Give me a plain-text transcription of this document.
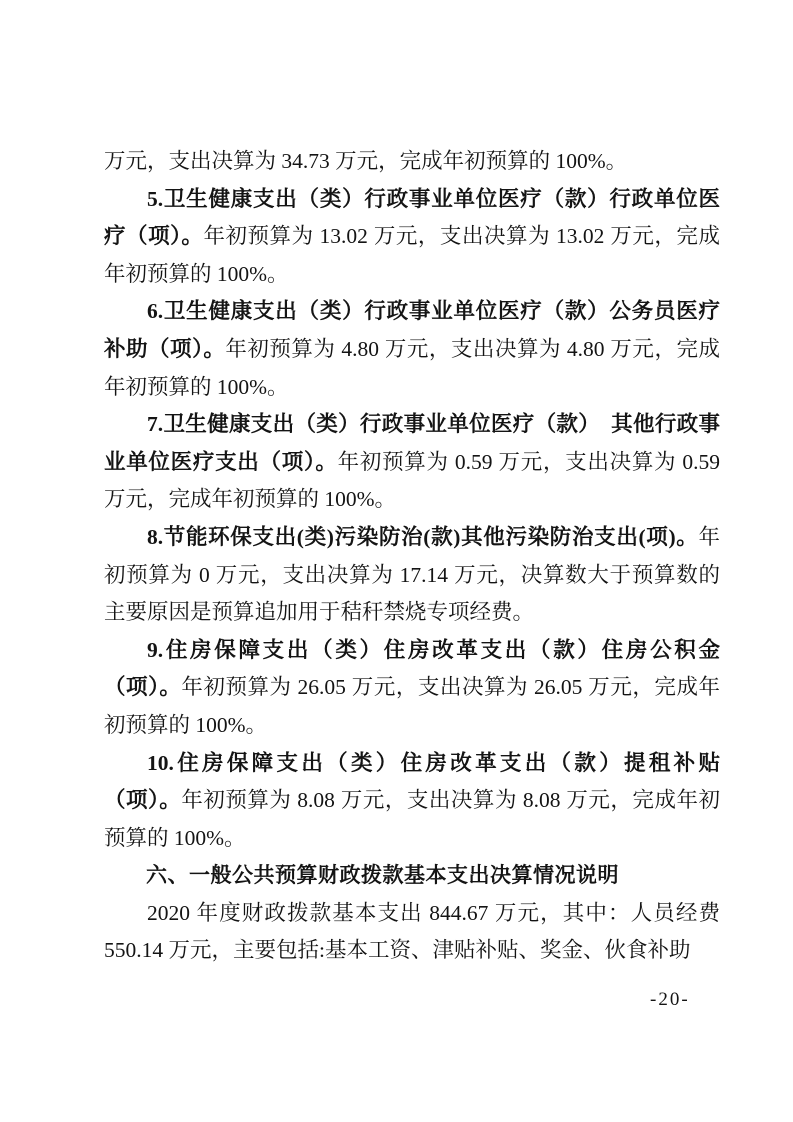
万元，支出决算为 34.73 万元，完成年初预算的 100%。

5.卫生健康支出（类）行政事业单位医疗（款）行政单位医疗（项）。年初预算为 13.02 万元，支出决算为 13.02 万元，完成年初预算的 100%。

6.卫生健康支出（类）行政事业单位医疗（款）公务员医疗补助（项）。年初预算为 4.80 万元，支出决算为 4.80 万元，完成年初预算的 100%。

7.卫生健康支出（类）行政事业单位医疗（款）　其他行政事业单位医疗支出（项）。年初预算为 0.59 万元，支出决算为 0.59 万元，完成年初预算的 100%。

8.节能环保支出(类)污染防治(款)其他污染防治支出(项)。年初预算为 0 万元，支出决算为 17.14 万元，决算数大于预算数的主要原因是预算追加用于秸秆禁烧专项经费。

9.住房保障支出（类）住房改革支出（款）住房公积金（项）。年初预算为 26.05 万元，支出决算为 26.05 万元，完成年初预算的 100%。

10.住房保障支出（类）住房改革支出（款）提租补贴（项）。年初预算为 8.08 万元，支出决算为 8.08 万元，完成年初预算的 100%。

六、一般公共预算财政拨款基本支出决算情况说明

2020 年度财政拨款基本支出 844.67 万元，其中：人员经费 550.14 万元，主要包括:基本工资、津贴补贴、奖金、伙食补助

-20-
